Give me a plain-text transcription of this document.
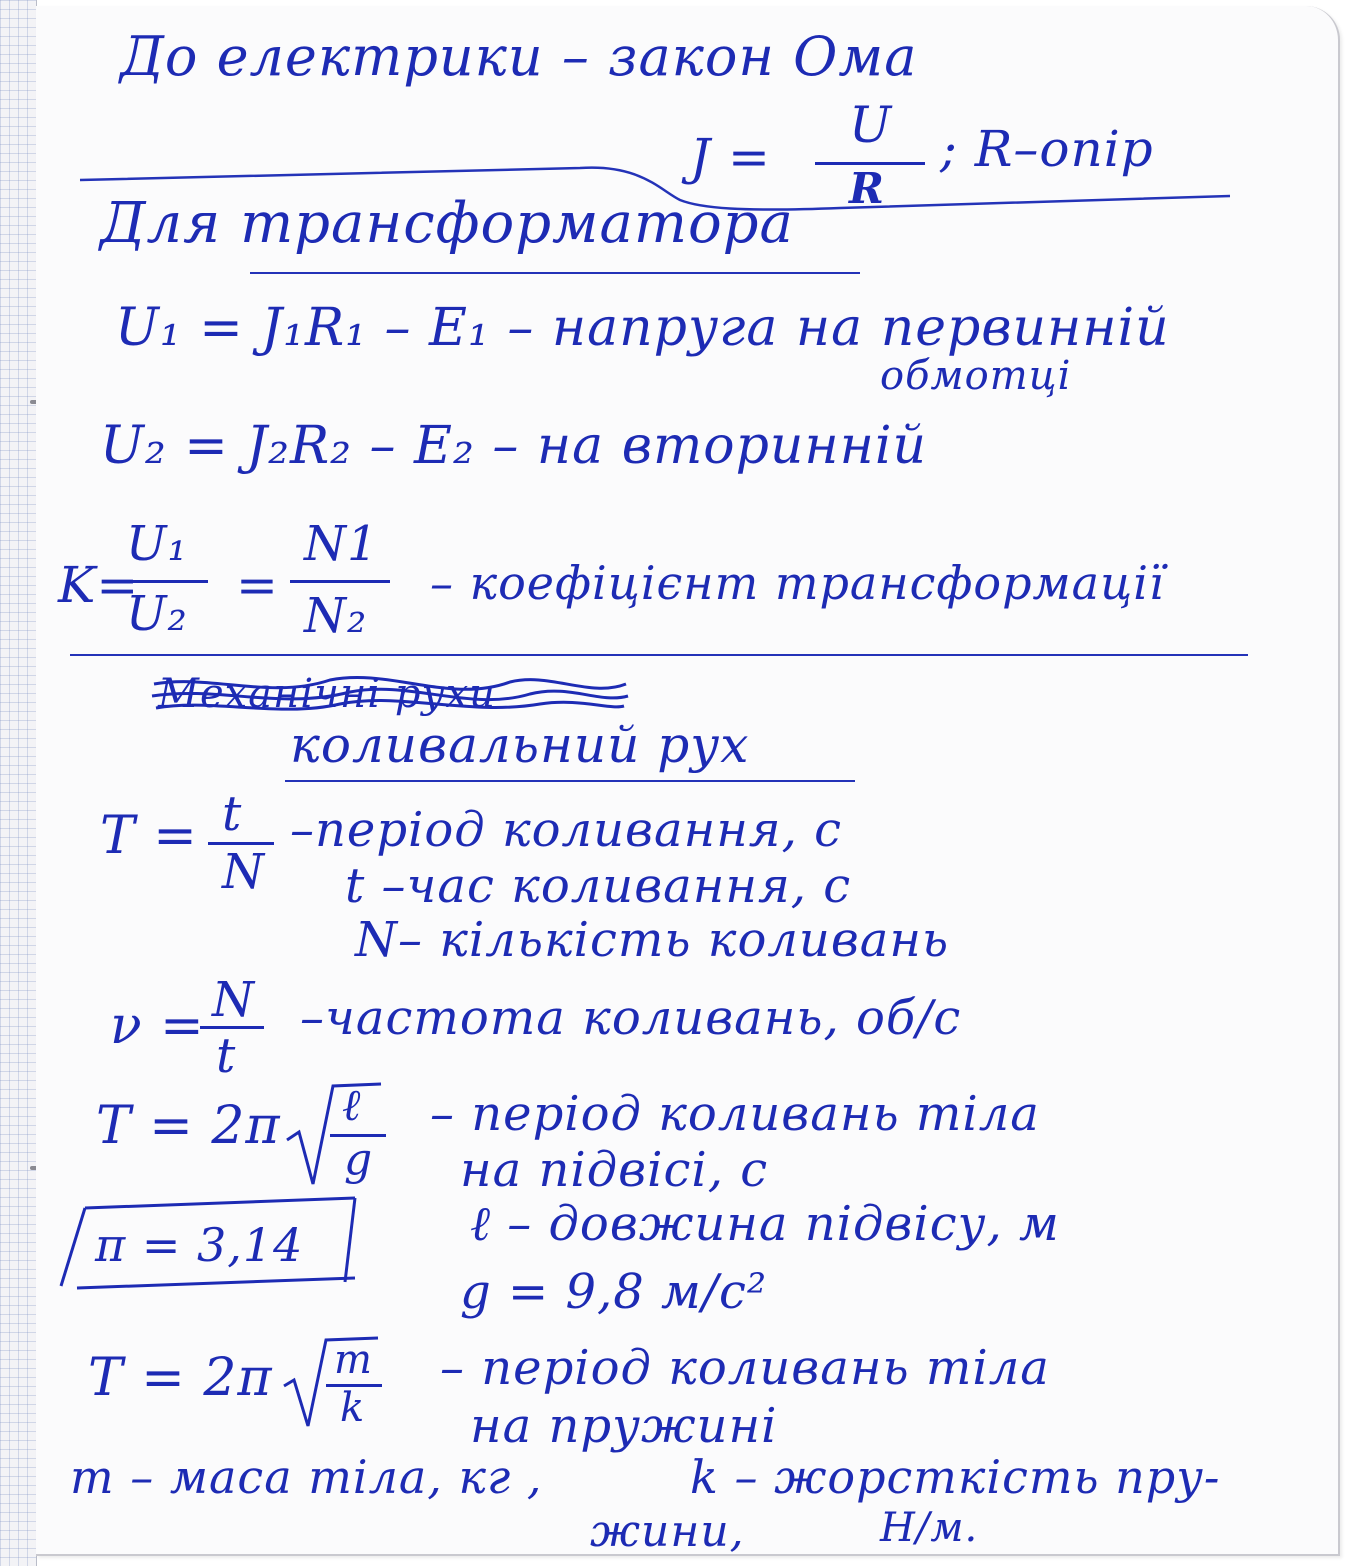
До електрики – закон Ома
J =
U
R
; R–опір
Для трансформатора
U₁ = J₁R₁ – E₁ – напруга на первинній
обмотці
U₂ = J₂R₂ – E₂ – на вторинній
K=
U₁
U₂ =
N1
N₂
– коефіцієнт трансформації
Механічні рухи
коливальний рух
T = t
N
–період коливання, с
t –час коливання, с
N– кількість коливань
ν = N
t
–частота коливань, об/с
T = 2π ℓ
g
– період коливань тіла
на підвісі, с
π = 3,14	ℓ – довжина підвісу, м
g = 9,8 м/с²
T = 2π m
k
– період коливань тіла
на пружині
m – маса тіла, кг ,	k – жорсткість пру-
жини,	Н/м.
